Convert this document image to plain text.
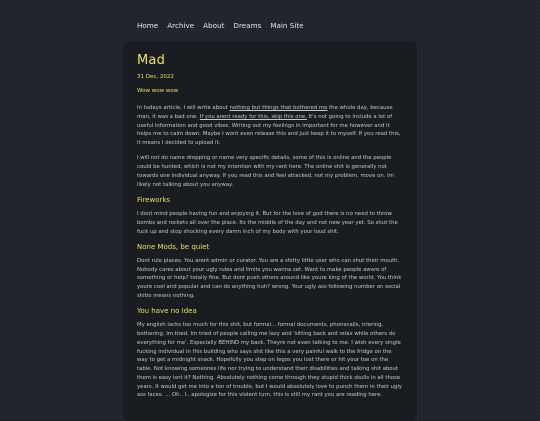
Home Archive About Dreams Main Site
Mad
31 Dec, 2022
Wow wow wow

In todays article, I will write about nothing but things that bothered me the whole day, because man, it was a bad one. If you arent ready for this, skip this one. It's not going to include a lot of useful information and good vibes. Writing out my feelings in important for me however and it helps me to calm down. Maybe I wont even release this and just keep it to myself. If you read this, it means I decided to upload it.

I will not do name dropping or name very specific details, some of this is online and the people could be hunted, which is not my intention with my rant here. The online shit is generally not towards one individual anyway. If you read this and feel attacked, not my problem. move on. Im likely not talking about you anyway.

Fireworks

I dont mind people having fun and enjoying it. But for the love of god there is no need to throw bombs and rockets all over the place. Its the middle of the day and not new year yet. So shut the fuck up and stop shocking every damn inch of my body with your loud shit.

None Mods, be quiet

Dont rule places. You arent admin or curator. You are a shitty little user who can shut their mouth. Nobody cares about your ugly rules and limits you wanna set. Want to make people aware of something or help? totally fine. But dont push others around like youre king of the world. You think youre cool and popular and can do anything huh? wrong. Your ugly ass following number on social shitio means nothing.

You have no Idea

My english lacks too much for this shit, but formal... formal documents, phonecalls, triering, bothering. Im tired. Im tried of people calling me lazy and 'sitting back and relax while others do everything for me'. Especially BEHIND my back. Theyre not even talking to me. I wish every single fucking individual in this building who says shit like this a very painful walk to the fridge on the way to get a midnight snack. Hopefully you step on legos you lost there or hit your toe on the table. Not knowing someones life nor trying to understand their disabilities and talking shit about them is easy isnt it? Nothing. Absolutely nothing come through they stupid thick skulls in all those years. It would get me into a ton of trouble, but I would absolutely love to punch them in their ugly ass faces. ... Oh.. I.. apologize for this violent turn, this is still my rant you are reading here.
